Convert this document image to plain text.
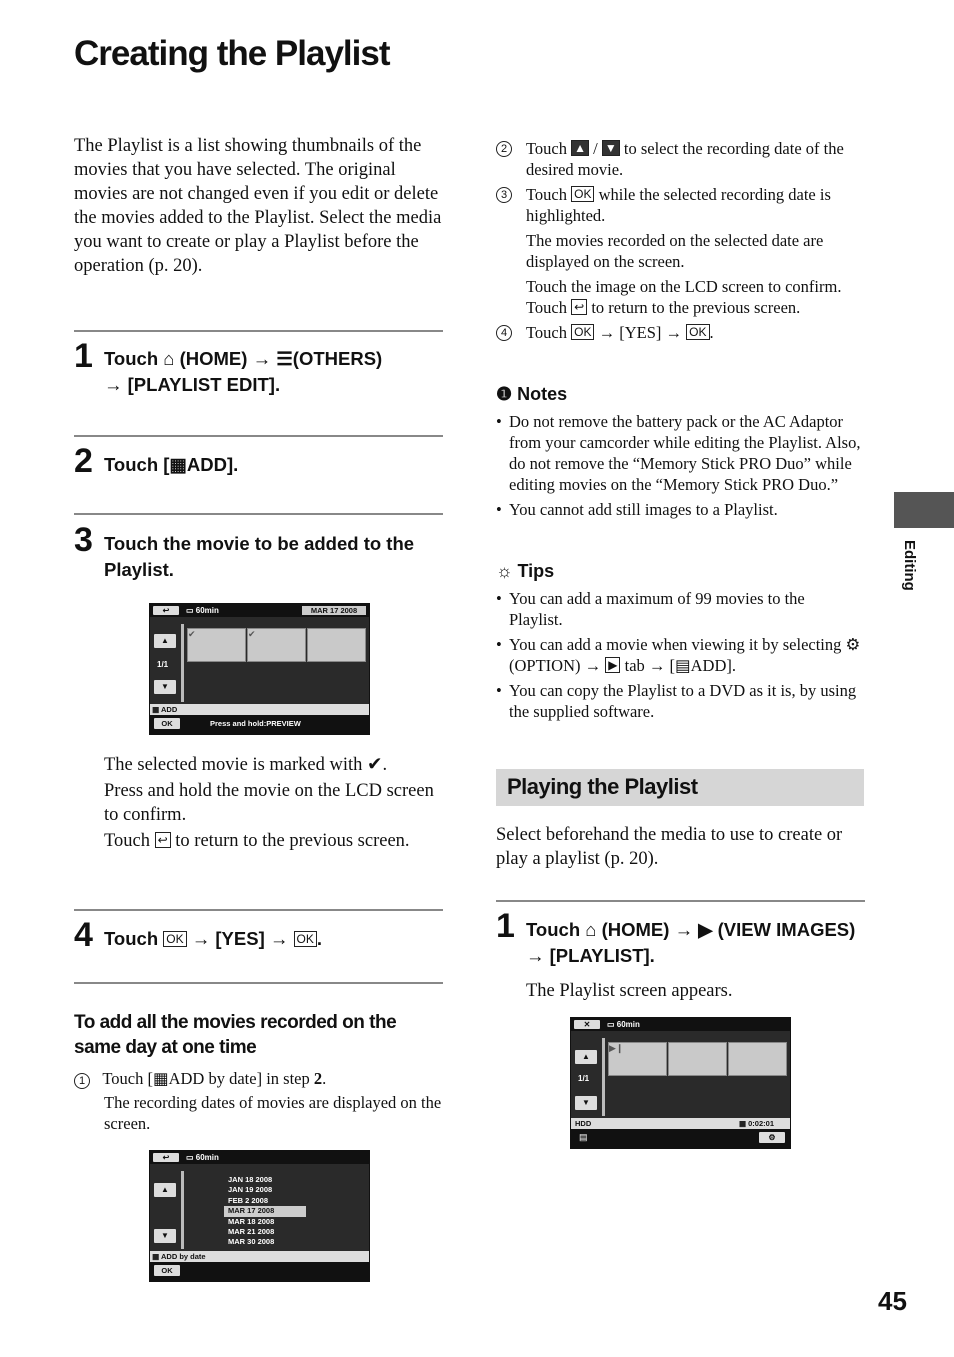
Creating the Playlist
The Playlist is a list showing thumbnails of the movies that you have selected. The original movies are not changed even if you edit or delete the movies added to the Playlist. Select the media you want to create or play a Playlist before the operation (p. 20).
1 Touch ⌂ (HOME) → ☰(OTHERS)
→ [PLAYLIST EDIT].
2 Touch [▦ADD].
3 Touch the movie to be added to the Playlist.
↩	▭ 60min	MAR 17 2008
▲
1/1
▼
✔	✔
▦ ADD
OK	Press and hold:PREVIEW
The selected movie is marked with ✔.
Press and hold the movie on the LCD screen to confirm.
Touch ↩ to return to the previous screen.
4 Touch OK → [YES] → OK .
To add all the movies recorded on the same day at one time
1 Touch [▦ADD by date] in step 2.
The recording dates of movies are displayed on the screen.
↩	▭ 60min
▲
▼
JAN 18 2008
JAN 19 2008
FEB 2 2008
MAR 17 2008
MAR 18 2008
MAR 21 2008
MAR 30 2008
▦ ADD by date
OK
2 Touch ▲ / ▼ to select the recording date of the desired movie.
3 Touch OK while the selected recording date is highlighted.
The movies recorded on the selected date are displayed on the screen.
Touch the image on the LCD screen to confirm. Touch ↩ to return to the previous screen.
4 Touch OK → [YES] → OK .
❶ Notes
• Do not remove the battery pack or the AC Adaptor from your camcorder while editing the Playlist. Also, do not remove the “Memory Stick PRO Duo” while editing movies on the “Memory Stick PRO Duo.”
• You cannot add still images to a Playlist.
☼ Tips
• You can add a maximum of 99 movies to the Playlist.
• You can add a movie when viewing it by selecting ⚙ (OPTION) → ▶ tab → [▤ADD].
• You can copy the Playlist to a DVD as it is, by using the supplied software.
Playing the Playlist
Select beforehand the media to use to create or play a playlist (p. 20).
1 Touch ⌂ (HOME) → ▶ (VIEW IMAGES) → [PLAYLIST].
The Playlist screen appears.
✕	▭ 60min
▲
1/1
▼
▶❙
HDD	▦ 0:02:01
▤	⚙
Editing
45
